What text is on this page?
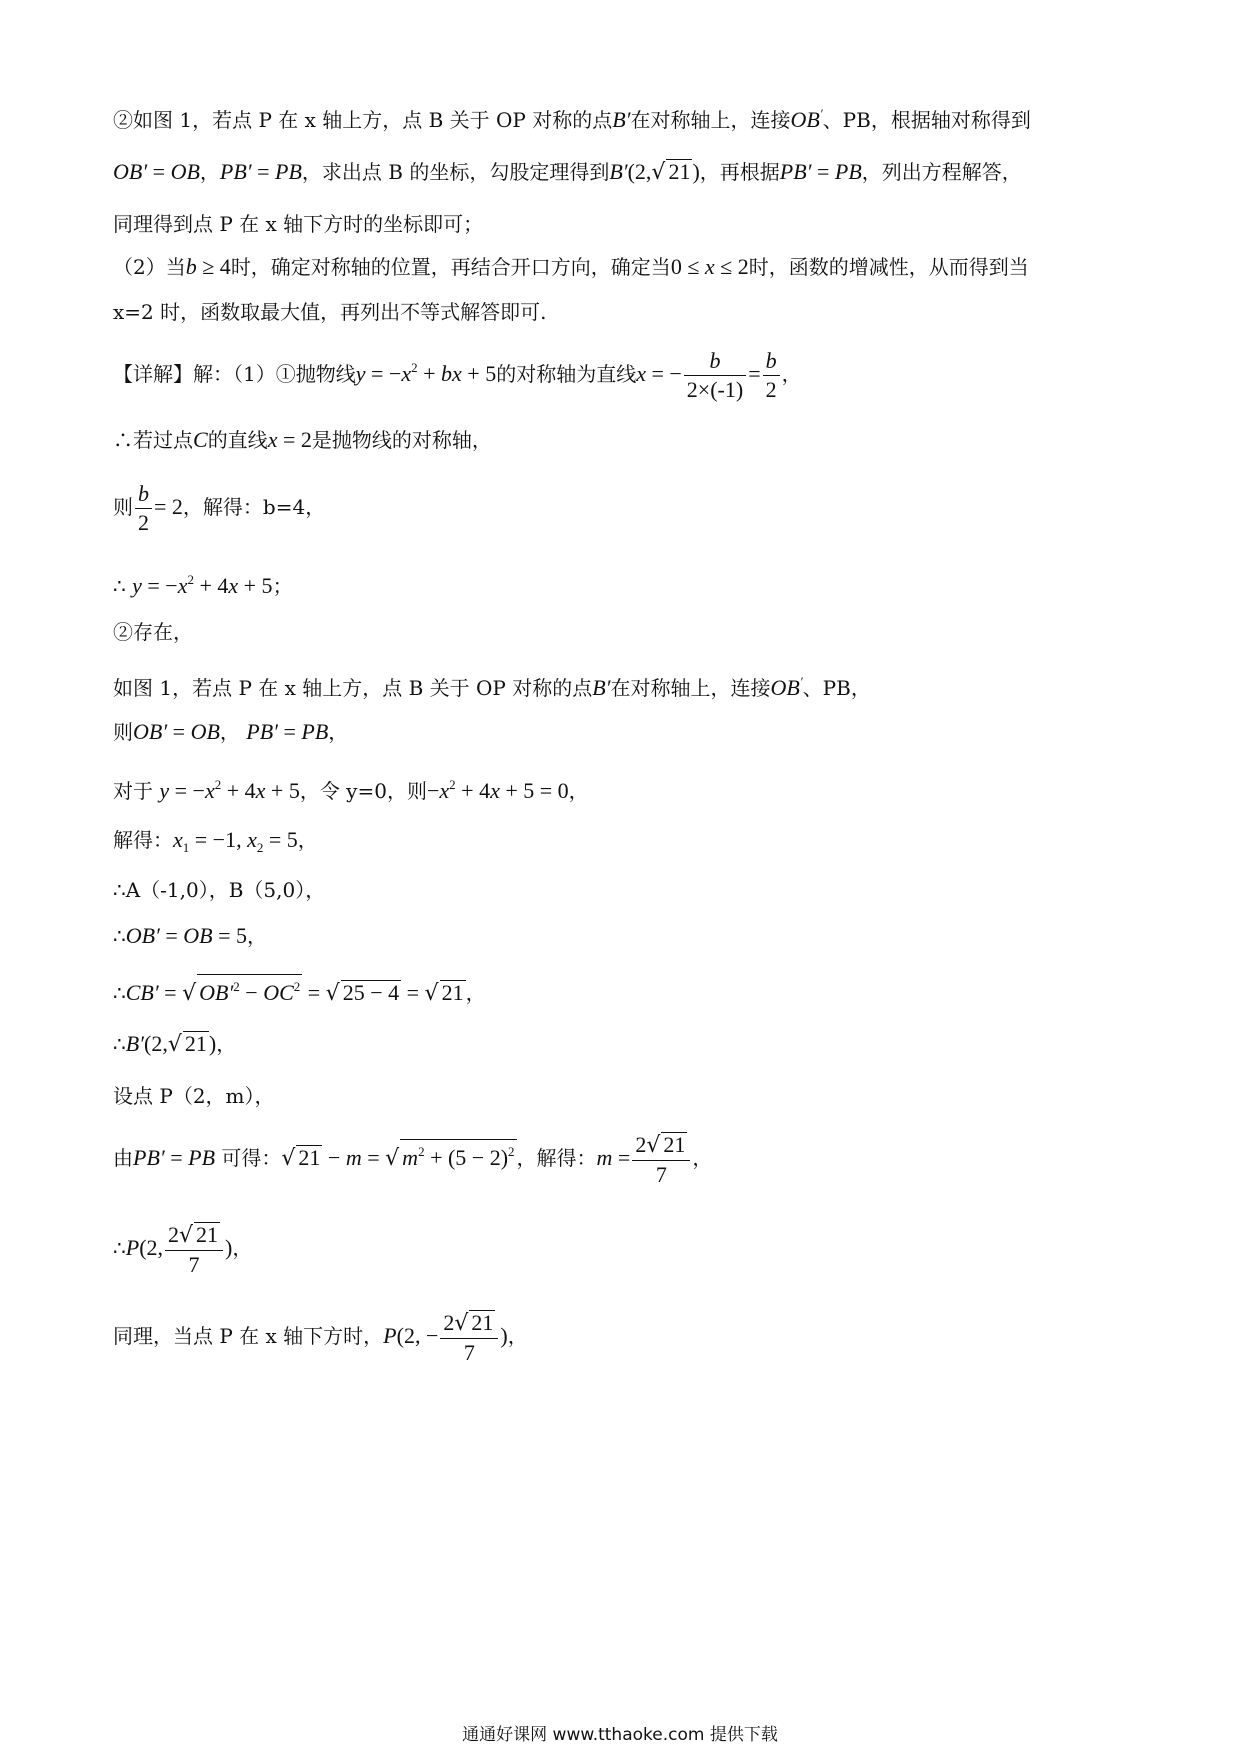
②如图 1，若点 P 在 x 轴上方，点 B 关于 OP 对称的点B′在对称轴上，连接OB′、PB，根据轴对称得到
OB′ = OB，PB′ = PB，求出点 B 的坐标，勾股定理得到B′(2,√ 21)，再根据PB′ = PB，列出方程解答，
同理得到点 P 在 x 轴下方时的坐标即可；
（2）当b ≥ 4时，确定对称轴的位置，再结合开口方向，确定当0 ≤ x ≤ 2时，函数的增减性，从而得到当
x=2 时，函数取最大值，再列出不等式解答即可.
【详解】解：（1）①抛物线$y = -x^2$ + bx + 5的对称轴为直线x = − $\frac{b}{2\times(-1)} = \frac{b}{2}$ ，
∴若过点C的直线x = 2是抛物线的对称轴，
则 $\frac{b}{2} = 2$，解得：b=4，
∴ $y = -x^2 + 4x + 5$；
②存在，
如图 1，若点 P 在 x 轴上方，点 B 关于 OP 对称的点B′在对称轴上，连接OB′、PB，
则OB′ = OB， PB′ = PB，
对于 $y = -x^2 + 4x + 5$，令 y=0，则$-x^2 + 4x + 5 = 0$，
解得：$x_1 = -1$, $x_2 = 5$，
∴A（-1,0），B（5,0），
∴OB′ = OB = 5，
∴CB′ = √ $OB'^2 - OC^2$ = √ 25 − 4 = √ 21 ，
∴B′(2,√ 21)，
设点 P（2，m），
由PB′ = PB 可得：√ 21 − m = √ $m^2 + (5 - 2)^2$ ，解得：$m = \frac{2√ 21}{7}$ ，
∴P(2, $\frac{2√ 21}{7}$ )，
同理，当点 P 在 x 轴下方时，P(2, − $\frac{2√ 21}{7}$ )，
通通好课网 www.tthaoke.com 提供下载
